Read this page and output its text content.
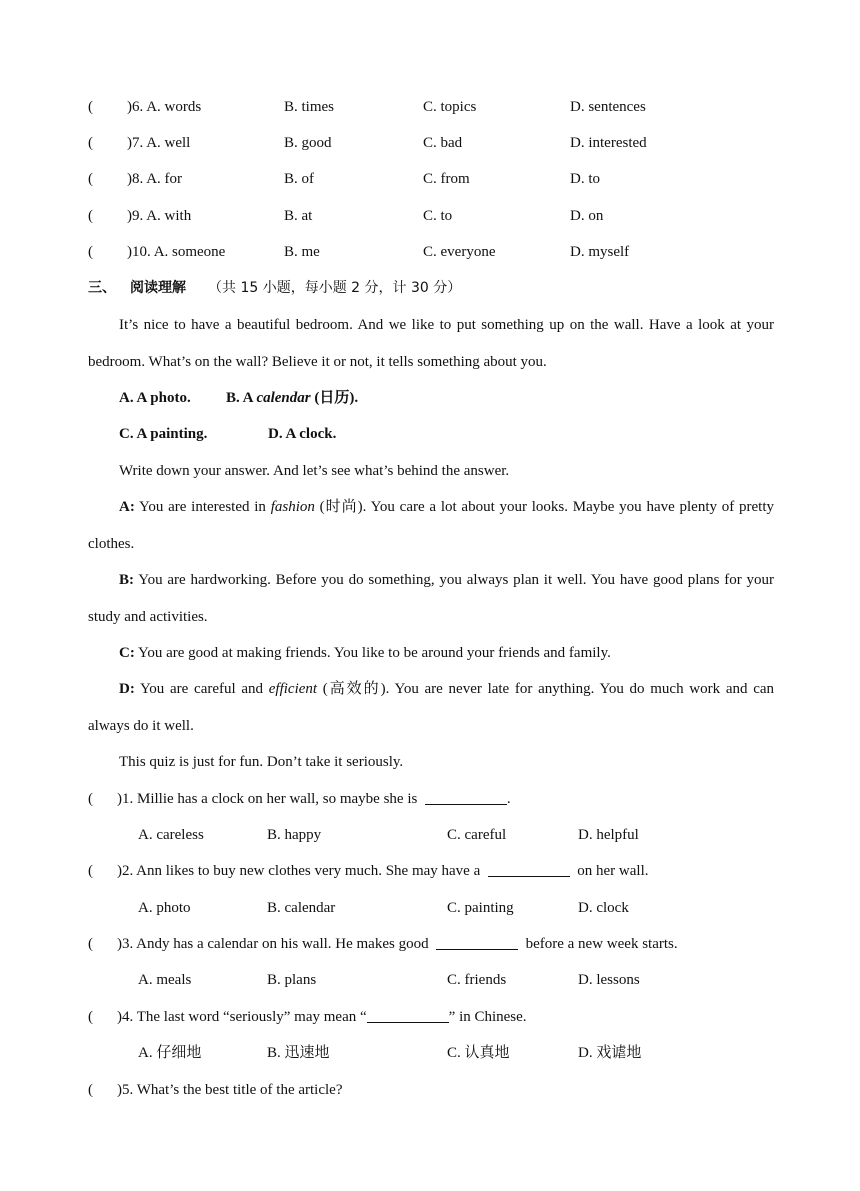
( )6. A. words	B. times	C. topics	D. sentences
( )7. A. well	B. good	C. bad	D. interested
( )8. A. for	B. of	C. from	D. to
( )9. A. with	B. at	C. to	D. on
( )10. A. someone	B. me	C. everyone	D. myself
三、 阅读理解 （共 15 小题，每小题 2 分，计 30 分）

It’s nice to have a beautiful bedroom. And we like to put something up on the wall. Have a look at your bedroom. What’s on the wall? Believe it or not, it tells something about you.

A. A photo. B. A calendar (日历).
C. A painting.	D. A clock.
Write down your answer. And let’s see what’s behind the answer.

A: You are interested in fashion (时尚). You care a lot about your looks. Maybe you have plenty of pretty clothes.

B: You are hardworking. Before you do something, you always plan it well. You have good plans for your study and activities.

C: You are good at making friends. You like to be around your friends and family.

D: You are careful and efficient (高效的). You are never late for anything. You do much work and can always do it well.

This quiz is just for fun. Don’t take it seriously.
( )1. Millie has a clock on her wall, so maybe she is	.
A. careless	B. happy	C. careful	D. helpful
( )2. Ann likes to buy new clothes very much. She may have a	on her wall.
A. photo	B. calendar	C. painting	D. clock
( )3. Andy has a calendar on his wall. He makes good	before a new week starts.
A. meals	B. plans	C. friends	D. lessons
( )4. The last word “seriously” may mean “	” in Chinese.
A. 仔细地	B. 迅速地	C. 认真地	D. 戏谑地
( )5. What’s the best title of the article?
